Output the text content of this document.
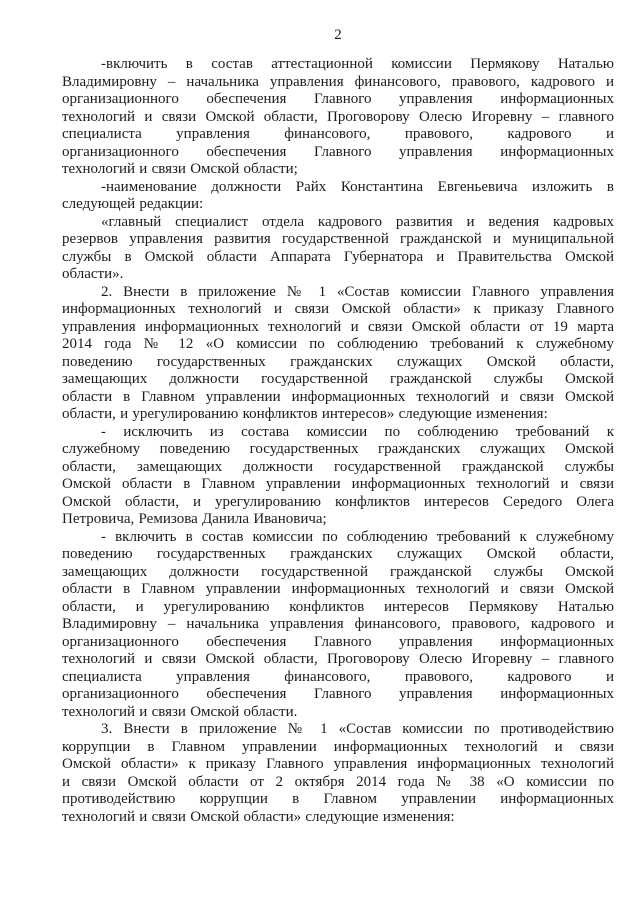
2
-включить в состав аттестационной комиссии Пермякову Наталью
Владимировну – начальника управления финансового, правового, кадрового и
организационного обеспечения Главного управления информационных
технологий и связи Омской области, Проговорову Олесю Игоревну – главного
специалиста управления финансового, правового, кадрового и
организационного обеспечения Главного управления информационных
технологий и связи Омской области;
-наименование должности Райх Константина Евгеньевича изложить в
следующей редакции:
«главный специалист отдела кадрового развития и ведения кадровых
резервов управления развития государственной гражданской и муниципальной
службы в Омской области Аппарата Губернатора и Правительства Омской
области».
2. Внести в приложение № 1 «Состав комиссии Главного управления
информационных технологий и связи Омской области» к приказу Главного
управления информационных технологий и связи Омской области от 19 марта
2014 года № 12 «О комиссии по соблюдению требований к служебному
поведению государственных гражданских служащих Омской области,
замещающих должности государственной гражданской службы Омской
области в Главном управлении информационных технологий и связи Омской
области, и урегулированию конфликтов интересов» следующие изменения:
- исключить из состава комиссии по соблюдению требований к
служебному поведению государственных гражданских служащих Омской
области, замещающих должности государственной гражданской службы
Омской области в Главном управлении информационных технологий и связи
Омской области, и урегулированию конфликтов интересов Середого Олега
Петровича, Ремизова Данила Ивановича;
- включить в состав комиссии по соблюдению требований к служебному
поведению государственных гражданских служащих Омской области,
замещающих должности государственной гражданской службы Омской
области в Главном управлении информационных технологий и связи Омской
области, и урегулированию конфликтов интересов Пермякову Наталью
Владимировну – начальника управления финансового, правового, кадрового и
организационного обеспечения Главного управления информационных
технологий и связи Омской области, Проговорову Олесю Игоревну – главного
специалиста управления финансового, правового, кадрового и
организационного обеспечения Главного управления информационных
технологий и связи Омской области.
3. Внести в приложение № 1 «Состав комиссии по противодействию
коррупции в Главном управлении информационных технологий и связи
Омской области» к приказу Главного управления информационных технологий
и связи Омской области от 2 октября 2014 года № 38 «О комиссии по
противодействию коррупции в Главном управлении информационных
технологий и связи Омской области» следующие изменения:
